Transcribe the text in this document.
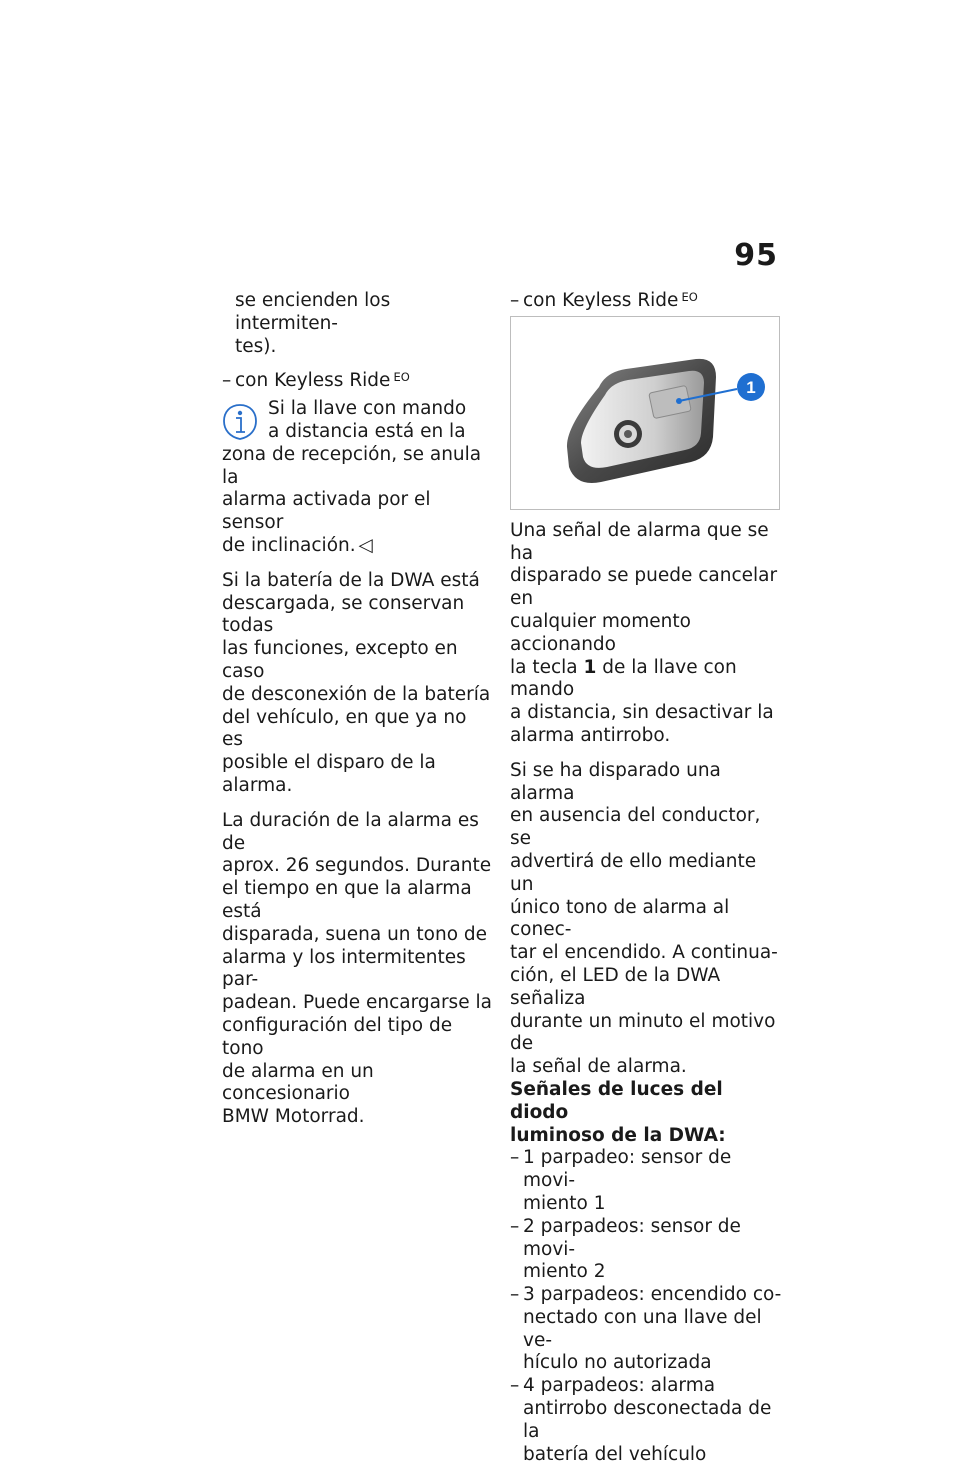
95
se encienden los intermiten-
tes).
– con Keyless Ride $^{EO}$
Si la llave con mando
a distancia está en la
zona de recepción, se anula la
alarma activada por el sensor
de inclinación. ◁

Si la batería de la DWA está
descargada, se conservan todas
las funciones, excepto en caso
de desconexión de la batería
del vehículo, en que ya no es
posible el disparo de la alarma.

La duración de la alarma es de
aprox. 26 segundos. Durante
el tiempo en que la alarma está
disparada, suena un tono de
alarma y los intermitentes par-
padean. Puede encargarse la
configuración del tipo de tono
de alarma en un concesionario
BMW Motorrad.

– con Keyless Ride $^{EO}$
1

Una señal de alarma que se ha
disparado se puede cancelar en
cualquier momento accionando
la tecla 1 de la llave con mando
a distancia, sin desactivar la
alarma antirrobo.

Si se ha disparado una alarma
en ausencia del conductor, se
advertirá de ello mediante un
único tono de alarma al conec-
tar el encendido. A continua-
ción, el LED de la DWA señaliza
durante un minuto el motivo de
la señal de alarma.

Señales de luces del diodo
luminoso de la DWA:
– 1 parpadeo: sensor de movi-
miento 1
– 2 parpadeos: sensor de movi-
miento 2
– 3 parpadeos: encendido co-
nectado con una llave del ve-
hículo no autorizada
– 4 parpadeos: alarma
antirrobo desconectada de la
batería del vehículo
